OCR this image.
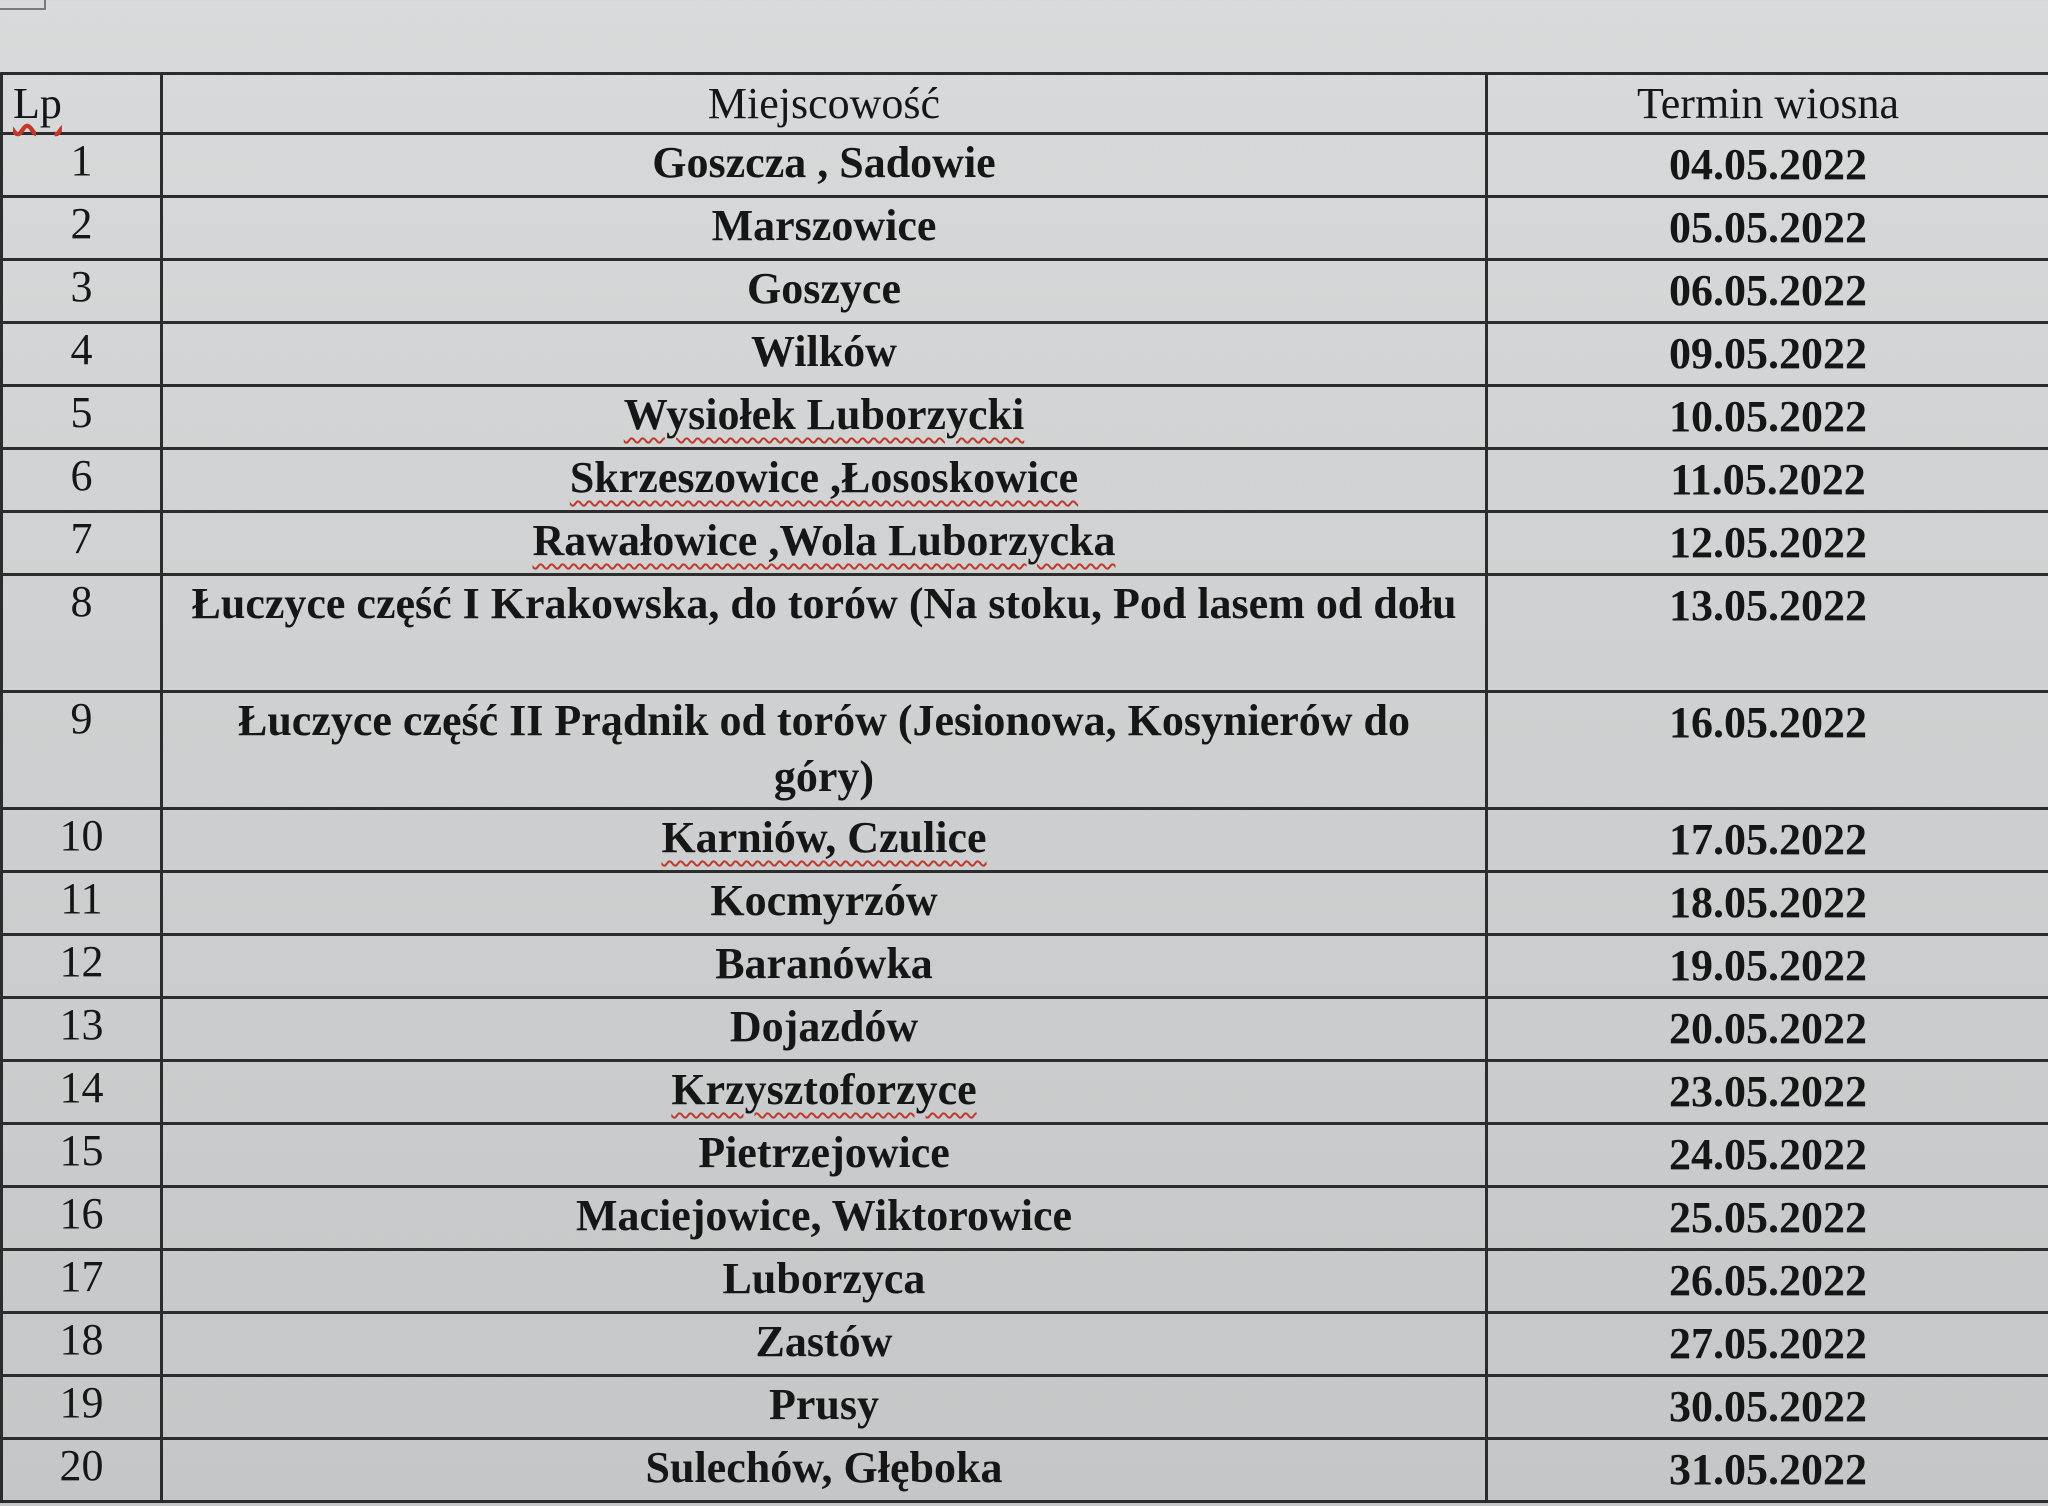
Lp	Miejscowość	Termin wiosna
1	Goszcza , Sadowie	04.05.2022
2	Marszowice	05.05.2022
3	Goszyce	06.05.2022
4	Wilków	09.05.2022
5	Wysiołek Luborzycki	10.05.2022
6	Skrzeszowice ,Łososkowice	11.05.2022
7	Rawałowice ,Wola Luborzycka	12.05.2022
8	Łuczyce część I Krakowska, do torów (Na stoku, Pod lasem od dołu	13.05.2022
9	Łuczyce część II Prądnik od torów (Jesionowa, Kosynierów do góry)	16.05.2022
10	Karniów, Czulice	17.05.2022
11	Kocmyrzów	18.05.2022
12	Baranówka	19.05.2022
13	Dojazdów	20.05.2022
14	Krzysztoforzyce	23.05.2022
15	Pietrzejowice	24.05.2022
16	Maciejowice, Wiktorowice	25.05.2022
17	Luborzyca	26.05.2022
18	Zastów	27.05.2022
19	Prusy	30.05.2022
20	Sulechów, Głęboka	31.05.2022
